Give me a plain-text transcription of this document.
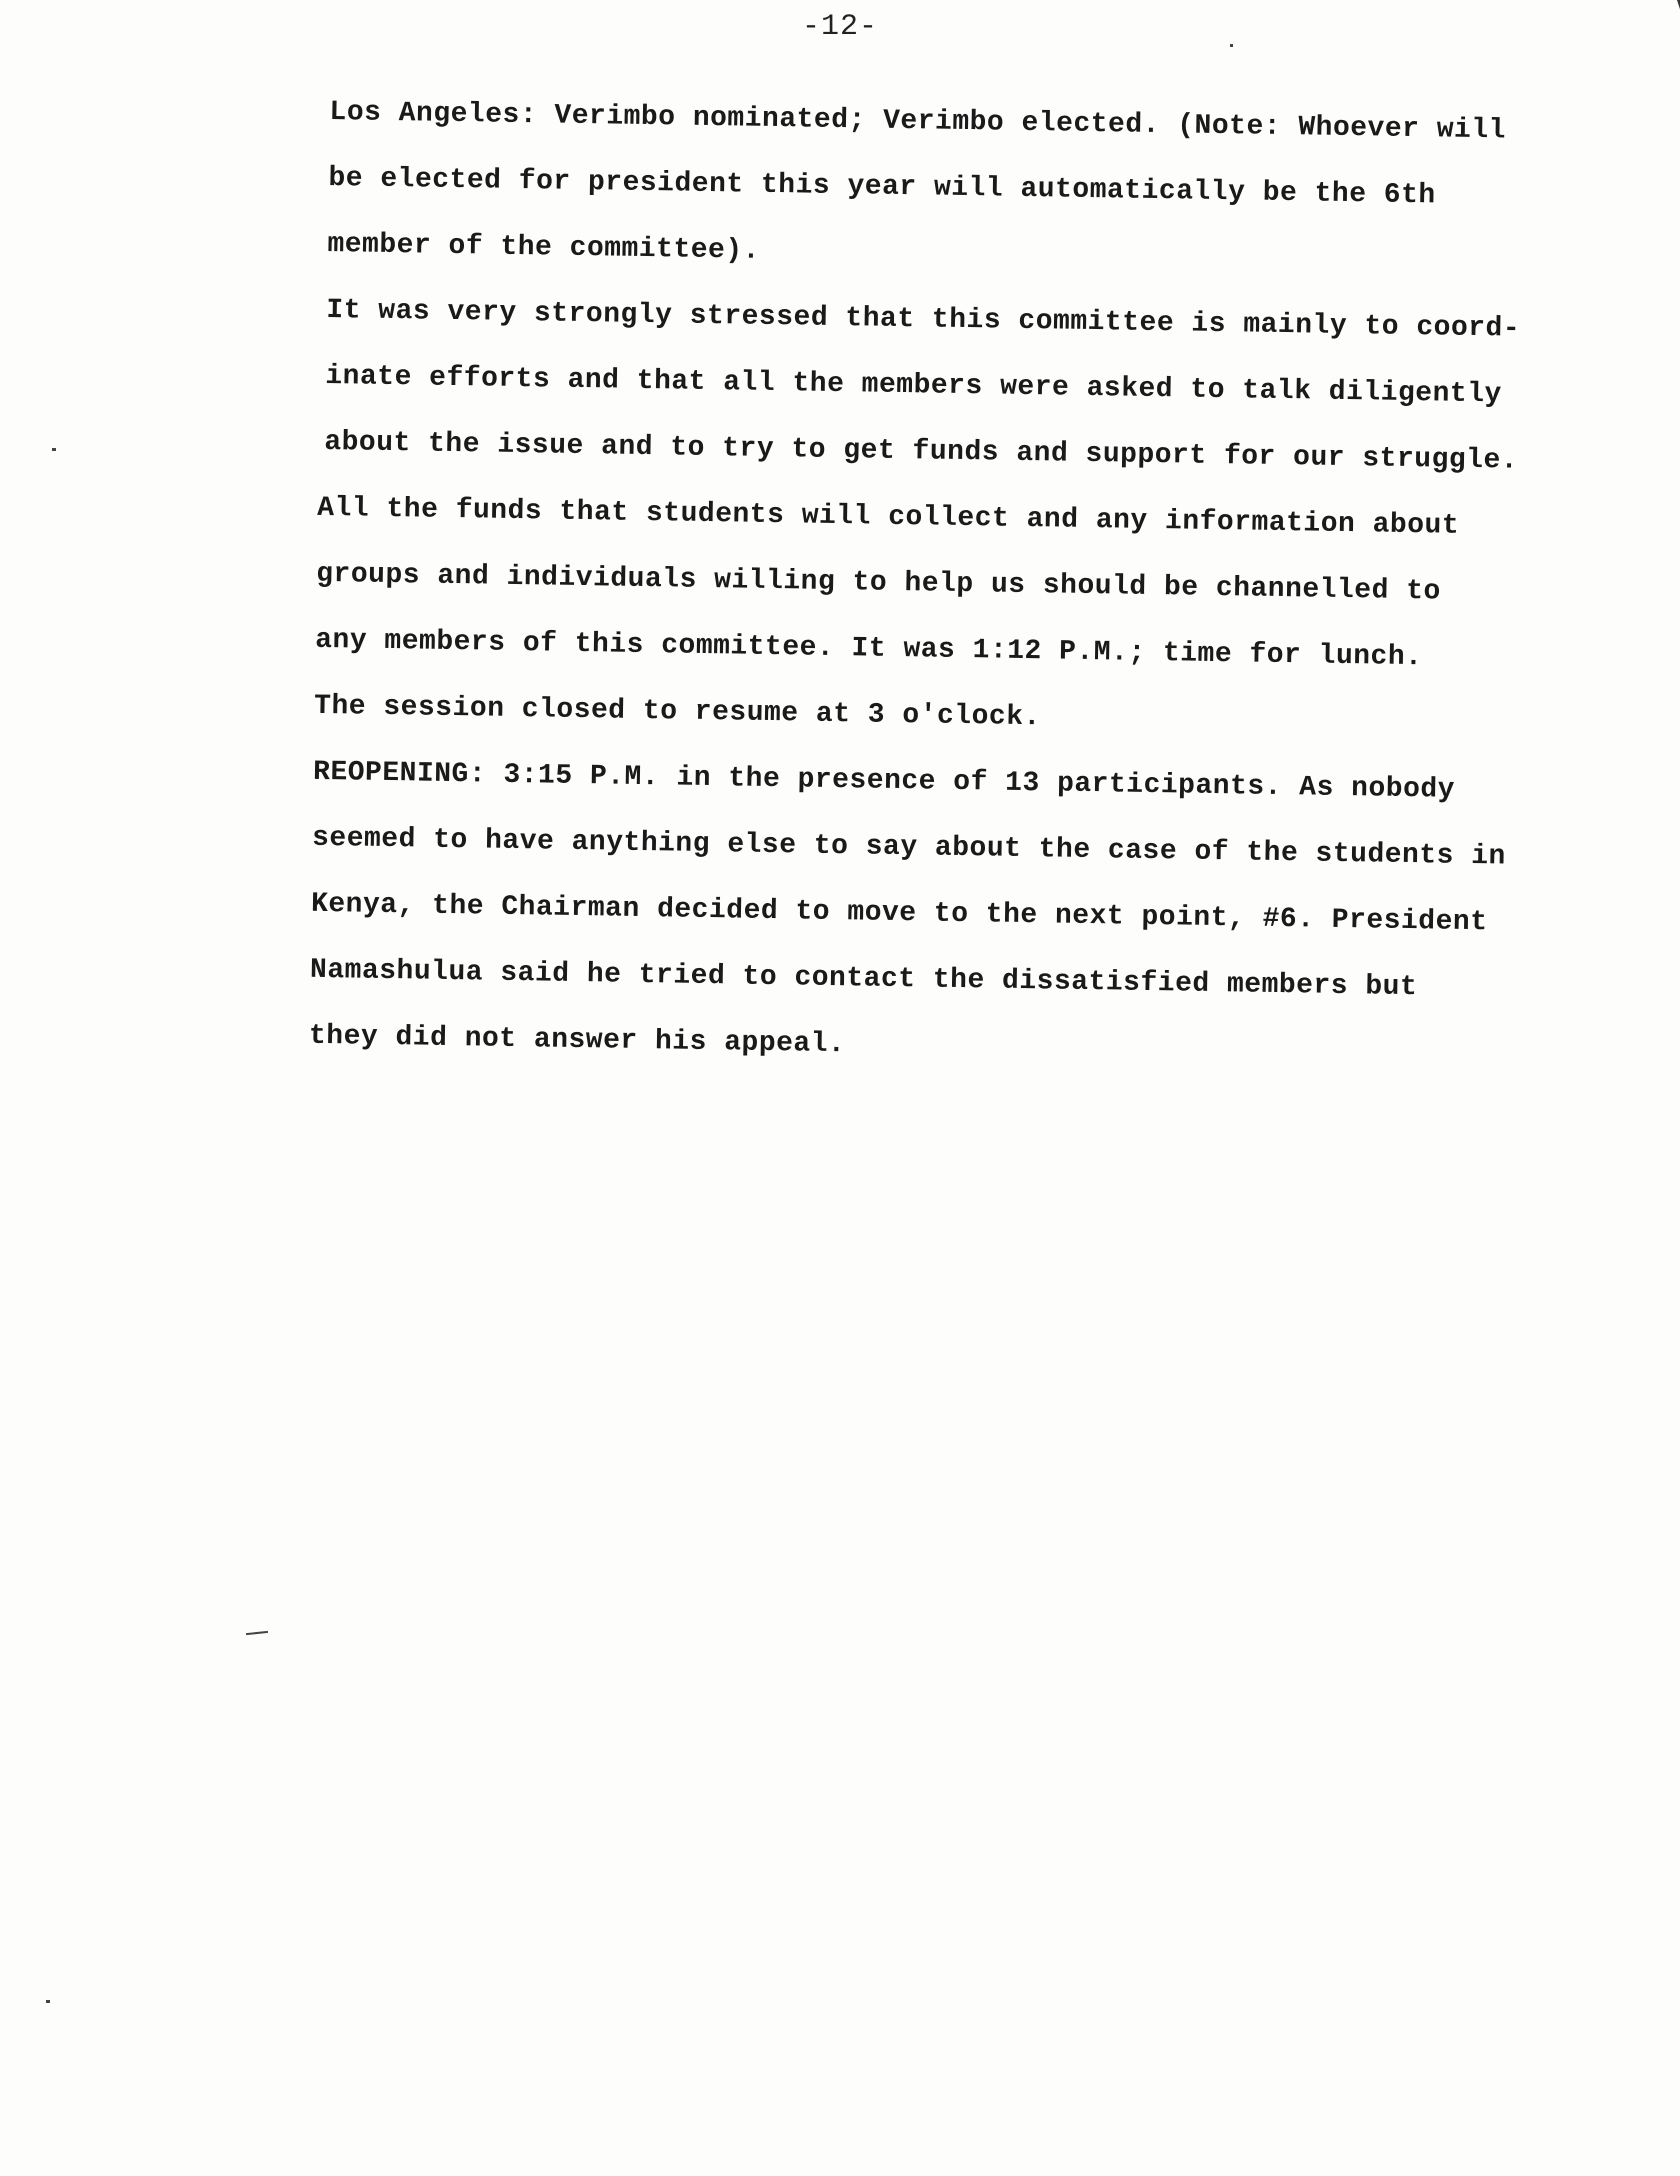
-12-

Los Angeles: Verimbo nominated; Verimbo elected. (Note: Whoever will
be elected for president this year will automatically be the 6th
member of the committee).

It was very strongly stressed that this committee is mainly to coord-
inate efforts and that all the members were asked to talk diligently
about the issue and to try to get funds and support for our struggle.
All the funds that students will collect and any information about
groups and individuals willing to help us should be channelled to
any members of this committee. It was 1:12 P.M.; time for lunch.
The session closed to resume at 3 o'clock.

REOPENING: 3:15 P.M. in the presence of 13 participants. As nobody
seemed to have anything else to say about the case of the students in
Kenya, the Chairman decided to move to the next point, #6. President
Namashulua said he tried to contact the dissatisfied members but
they did not answer his appeal.
